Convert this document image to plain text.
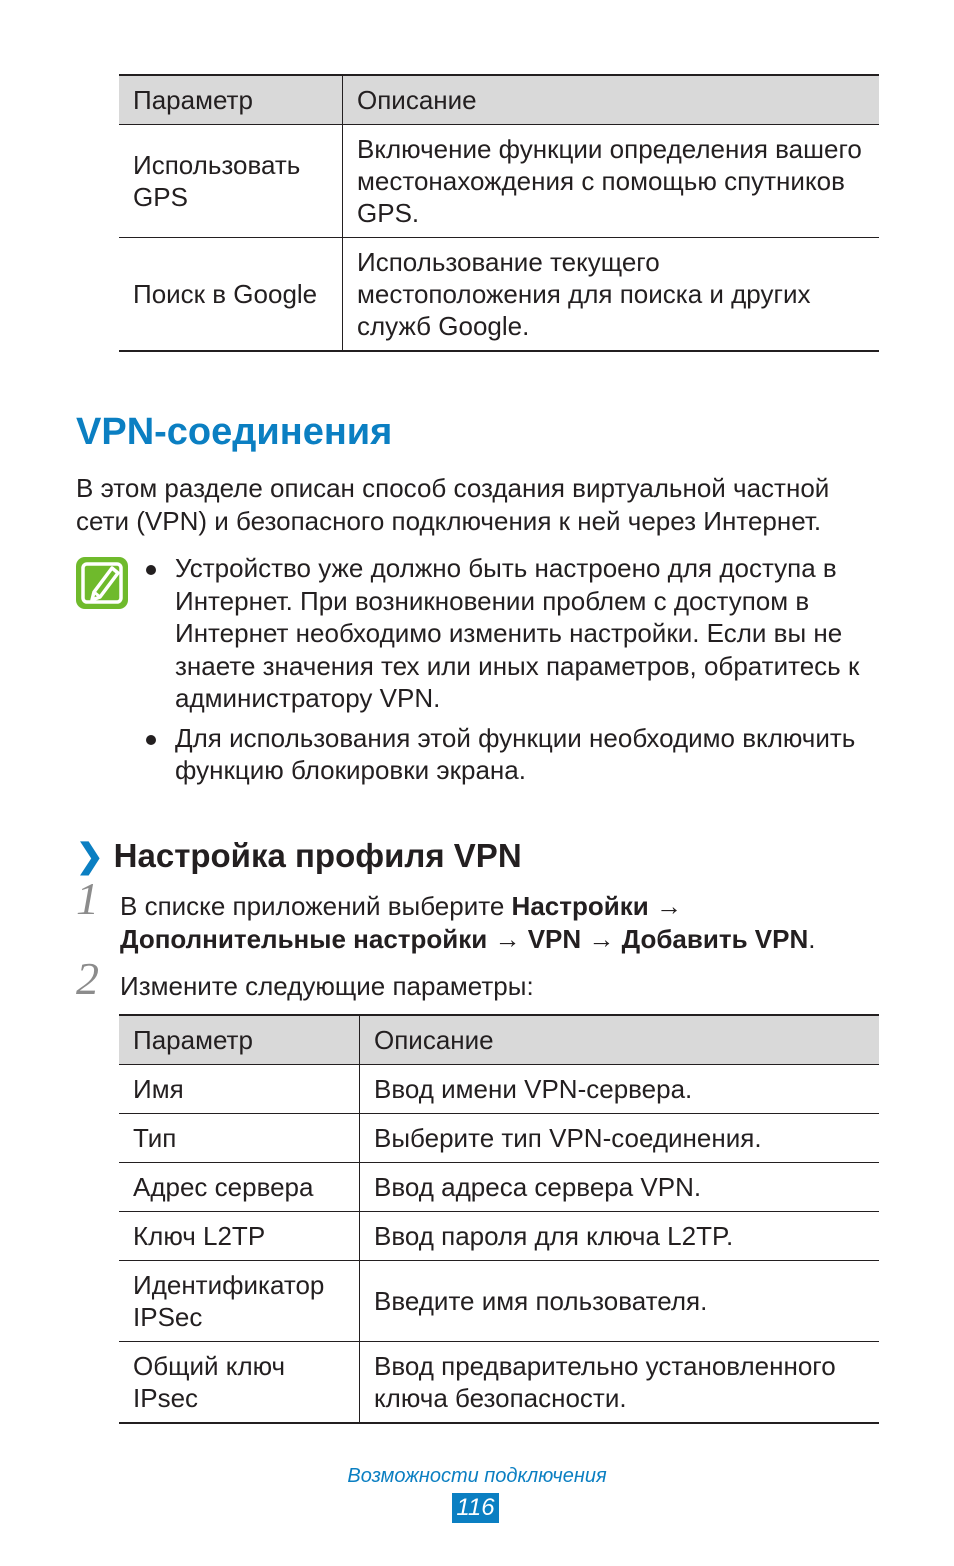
Параметр	Описание
Использовать GPS	Включение функции определения вашего местонахождения с помощью спутников GPS.
Поиск в Google	Использование текущего местоположения для поиска и других служб Google.
VPN-соединения

В этом разделе описан способ создания виртуальной частной сети (VPN) и безопасного подключения к ней через Интернет.

Устройство уже должно быть настроено для доступа в Интернет. При возникновении проблем с доступом в Интернет необходимо изменить настройки. Если вы не знаете значения тех или иных параметров, обратитесь к администратору VPN.
Для использования этой функции необходимо включить функцию блокировки экрана.
❯ Настройка профиля VPN
1 В списке приложений выберите Настройки → Дополнительные настройки → VPN → Добавить VPN.
2 Измените следующие параметры:
Параметр	Описание
Имя	Ввод имени VPN-сервера.
Тип	Выберите тип VPN-соединения.
Адрес сервера	Ввод адреса сервера VPN.
Ключ L2TP	Ввод пароля для ключа L2TP.
Идентификатор IPSec	Введите имя пользователя.
Общий ключ IPsec	Ввод предварительно установленного ключа безопасности.
Возможности подключения
116
